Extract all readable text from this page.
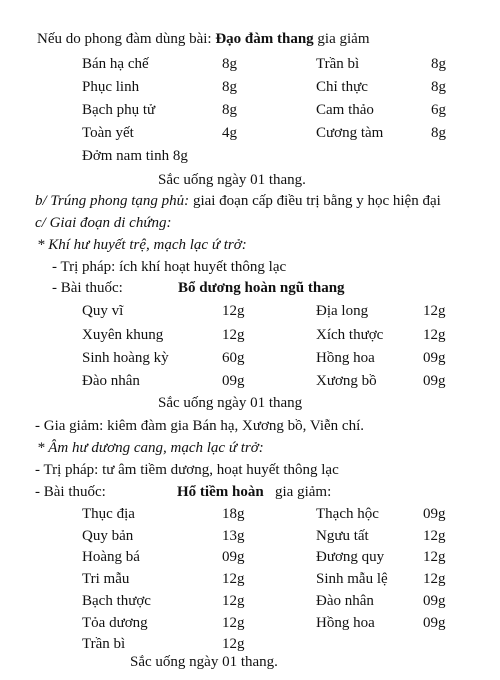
Nếu do phong đàm dùng bài: Đạo đàm thang gia giảm
Bán hạ chế	8g	Trần bì	8g
Phục linh	8g	Chỉ thực	8g
Bạch phụ tử	8g	Cam thảo	6g
Toàn yết	4g	Cương tàm	8g
Đởm nam tinh 8g
Sắc uống ngày 01 thang.
b/ Trúng phong tạng phủ: giai đoạn cấp điều trị bằng y học hiện đại
c/ Giai đoạn di chứng:
* Khí hư huyết trệ, mạch lạc ứ trở:
- Trị pháp: ích khí hoạt huyết thông lạc
- Bài thuốc:	Bổ dương hoàn ngũ thang
Quy vĩ	12g	Địa long	12g
Xuyên khung	12g	Xích thược	12g
Sinh hoàng kỳ	60g	Hồng hoa	09g
Đào nhân	09g	Xương bồ	09g
Sắc uống ngày 01 thang
- Gia giảm: kiêm đàm gia Bán hạ, Xương bồ, Viễn chí.
* Âm hư dương cang, mạch lạc ứ trở:
- Trị pháp: tư âm tiềm dương, hoạt huyết thông lạc
- Bài thuốc:	Hổ tiềm hoàn gia giảm:
Thục địa	18g	Thạch hộc	09g
Quy bản	13g	Ngưu tất	12g
Hoàng bá	09g	Đương quy	12g
Tri mẫu	12g	Sinh mẫu lệ 12g
Bạch thược	12g	Đào nhân	09g
Tỏa dương	12g	Hồng hoa	09g
Trần bì	12g
Sắc uống ngày 01 thang.
